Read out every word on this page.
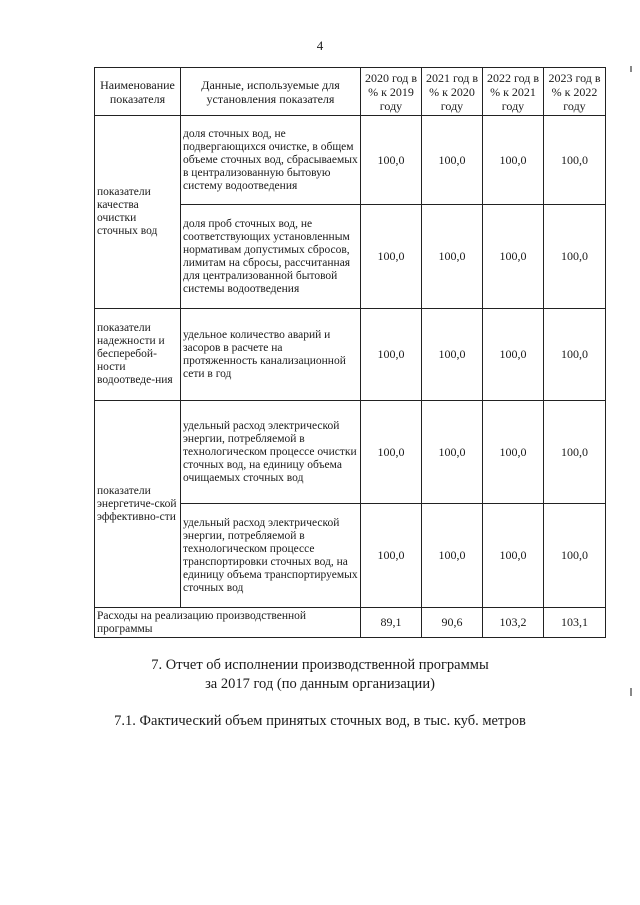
4
Наименование показателя	Данные, используемые для установления показателя	2020 год в % к 2019 году	2021 год в % к 2020 году	2022 год в % к 2021 году	2023 год в % к 2022 году
показатели качества очистки сточных вод	доля сточных вод, не подвергающихся очистке, в общем объеме сточных вод, сбрасываемых в централизованную бытовую систему водоотведения	100,0	100,0	100,0	100,0
	доля проб сточных вод, не соответствующих установленным нормативам допустимых сбросов, лимитам на сбросы, рассчитанная для централизованной бытовой системы водоотведения	100,0	100,0	100,0	100,0
показатели надежности и бесперебой-ности водоотведе-ния	удельное количество аварий и засоров в расчете на протяженность канализационной сети в год	100,0	100,0	100,0	100,0
показатели энергетиче-ской эффективно-сти	удельный расход электрической энергии, потребляемой в технологическом процессе очистки сточных вод, на единицу объема очищаемых сточных вод	100,0	100,0	100,0	100,0
	удельный расход электрической энергии, потребляемой в технологическом процессе транспортировки сточных вод, на единицу объема транспортируемых сточных вод	100,0	100,0	100,0	100,0
Расходы на реализацию производственной программы		89,1	90,6	103,2	103,1
7. Отчет об исполнении производственной программы
за 2017 год (по данным организации)
7.1. Фактический объем принятых сточных вод, в тыс. куб. метров
